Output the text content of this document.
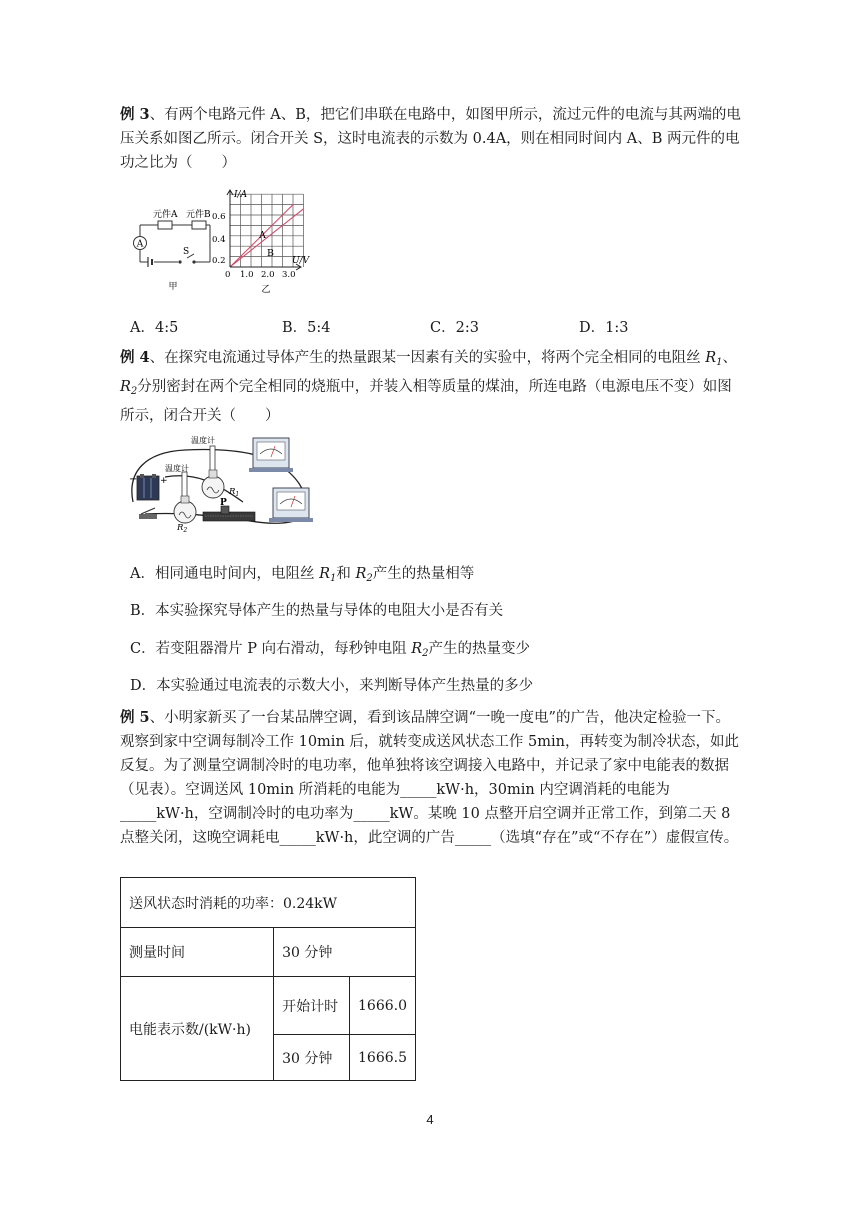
例 3、有两个电路元件 A、B，把它们串联在电路中，如图甲所示，流过元件的电流与其两端的电压关系如图乙所示。闭合开关 S，这时电流表的示数为 0.4A，则在相同时间内 A、B 两元件的电功之比为（　　）

A
元件A 元件B
S
甲
I/A
U/V
0.6
0.4
0.2
0 1.0 2.0 3.0
A
B
乙
A．4:5	B．5:4	C．2:3	D．1:3

例 4、在探究电流通过导体产生的热量跟某一因素有关的实验中，将两个完全相同的电阻丝 $R_1$、$R_2$分别密封在两个完全相同的烧瓶中，并装入相等质量的煤油，所连电路（电源电压不变）如图所示，闭合开关（　　）

−	+
温度计
$R_1$
温度计
$R_2$
P
A．相同通电时间内，电阻丝 $R_1$和 $R_2$产生的热量相等
B．本实验探究导体产生的热量与导体的电阻大小是否有关
C．若变阻器滑片 P 向右滑动，每秒钟电阻 $R_2$产生的热量变少
D．本实验通过电流表的示数大小，来判断导体产生热量的多少

例 5、小明家新买了一台某品牌空调，看到该品牌空调“一晚一度电”的广告，他决定检验一下。观察到家中空调每制冷工作 10min 后，就转变成送风状态工作 5min，再转变为制冷状态，如此反复。为了测量空调制冷时的电功率，他单独将该空调接入电路中，并记录了家中电能表的数据（见表）。空调送风 10min 所消耗的电能为_____kW·h，30min 内空调消耗的电能为_____kW·h，空调制冷时的电功率为_____kW。某晚 10 点整开启空调并正常工作，到第二天 8 点整关闭，这晚空调耗电_____kW·h，此空调的广告_____（选填“存在”或“不存在”）虚假宣传。

送风状态时消耗的功率：0.24kW		
测量时间	30 分钟	
电能表示数/(kW·h)	开始计时	1666.0
	30 分钟	1666.5
4
